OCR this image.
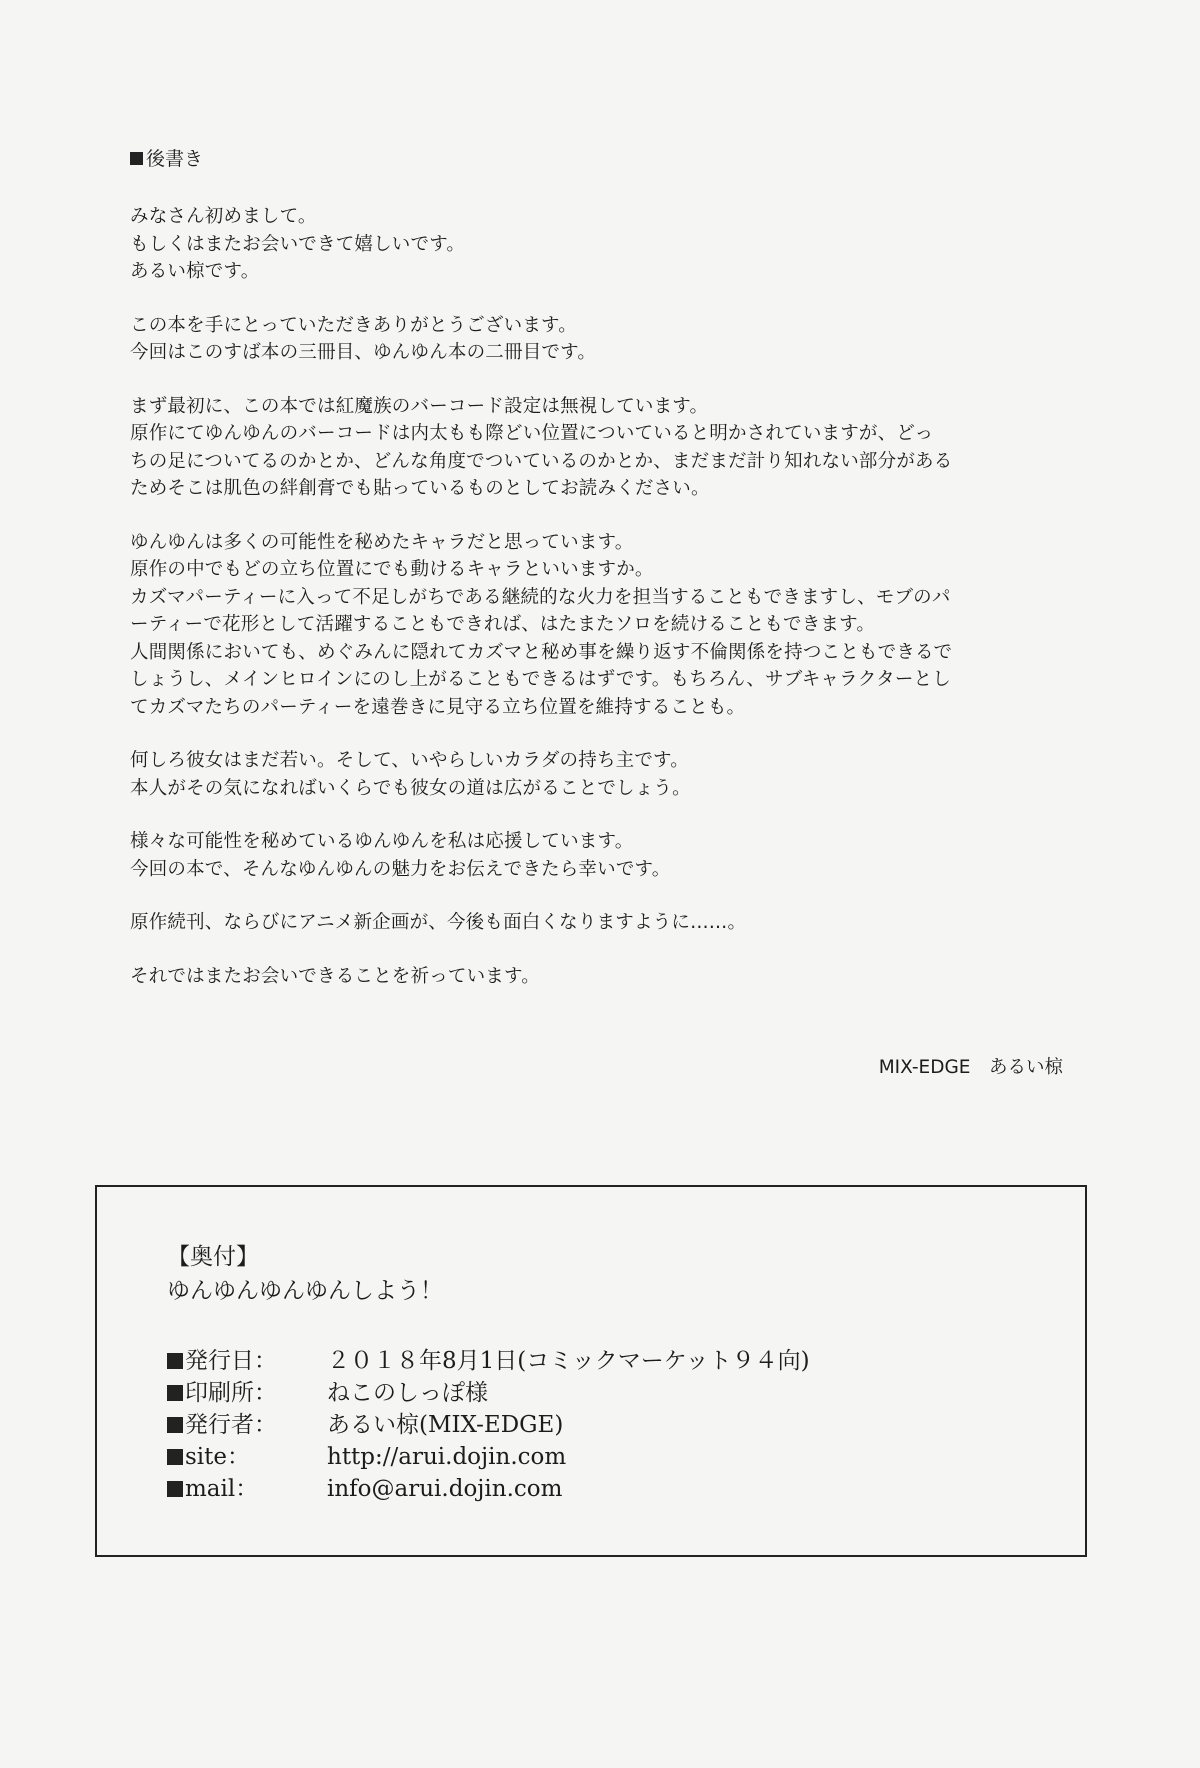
後書き
みなさん初めまして。
もしくはまたお会いできて嬉しいです。
あるい椋です。
この本を手にとっていただきありがとうございます。
今回はこのすば本の三冊目、ゆんゆん本の二冊目です。
まず最初に、この本では紅魔族のバーコード設定は無視しています。
原作にてゆんゆんのバーコードは内太もも際どい位置についていると明かされていますが、どっ
ちの足についてるのかとか、どんな角度でついているのかとか、まだまだ計り知れない部分がある
ためそこは肌色の絆創膏でも貼っているものとしてお読みください。
ゆんゆんは多くの可能性を秘めたキャラだと思っています。
原作の中でもどの立ち位置にでも動けるキャラといいますか。
カズマパーティーに入って不足しがちである継続的な火力を担当することもできますし、モブのパ
ーティーで花形として活躍することもできれば、はたまたソロを続けることもできます。
人間関係においても、めぐみんに隠れてカズマと秘め事を繰り返す不倫関係を持つこともできるで
しょうし、メインヒロインにのし上がることもできるはずです。もちろん、サブキャラクターとし
てカズマたちのパーティーを遠巻きに見守る立ち位置を維持することも。
何しろ彼女はまだ若い。そして、いやらしいカラダの持ち主です。
本人がその気になればいくらでも彼女の道は広がることでしょう。
様々な可能性を秘めているゆんゆんを私は応援しています。
今回の本で、そんなゆんゆんの魅力をお伝えできたら幸いです。
原作続刊、ならびにアニメ新企画が、今後も面白くなりますように……。
それではまたお会いできることを祈っています。
MIX-EDGE　あるい椋
【奥付】
ゆんゆんゆんゆんしよう！
発行日： ２０１８年8月1日(コミックマーケット９４向)
印刷所： ねこのしっぽ様
発行者： あるい椋(MIX-EDGE)
site：	http://arui.dojin.com
mail：	info@arui.dojin.com
